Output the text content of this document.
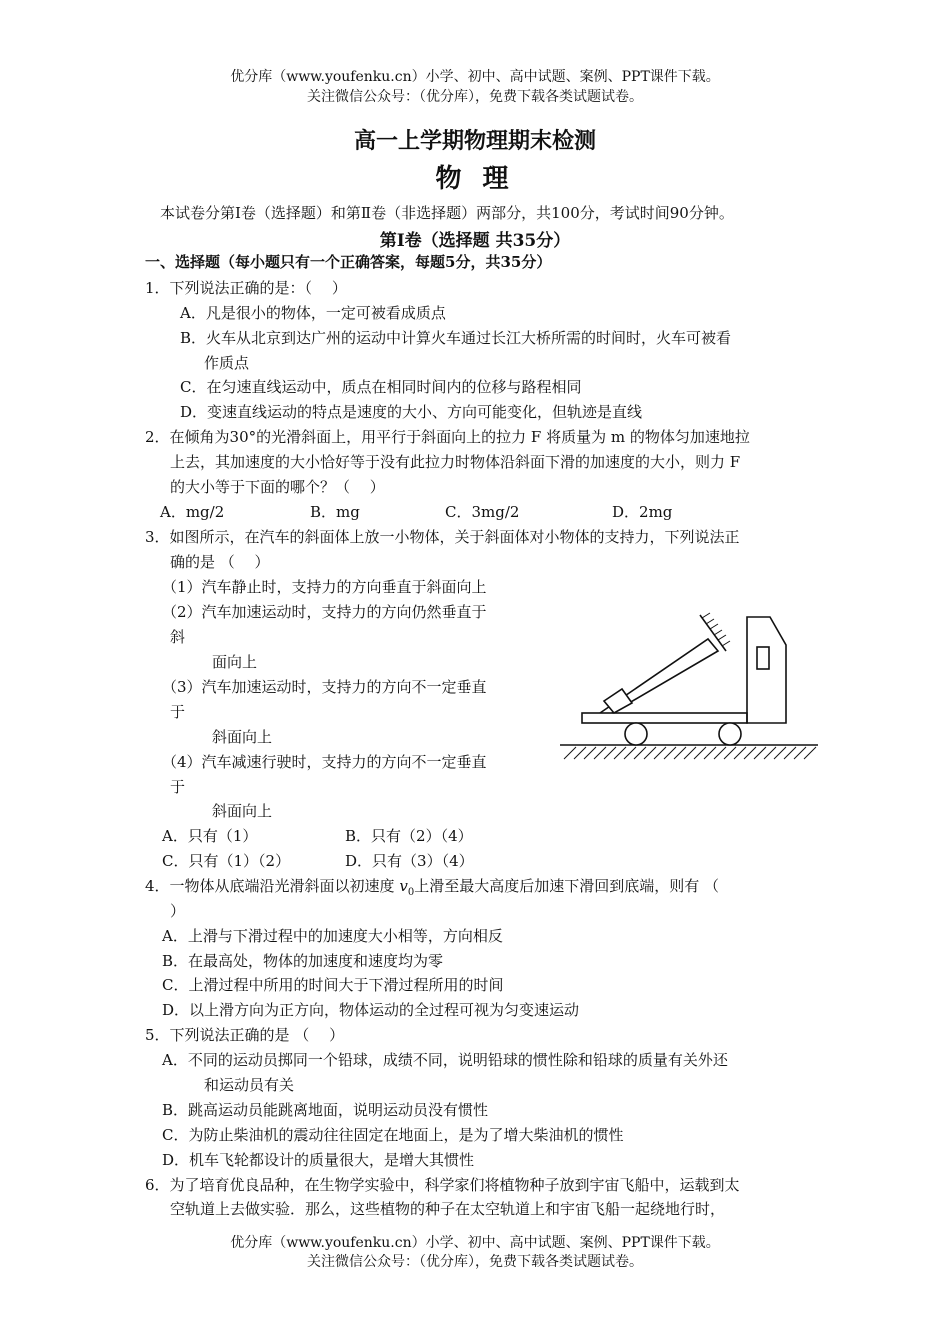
优分库（www.youfenku.cn）小学、初中、高中试题、案例、PPT课件下载。
关注微信公众号：（优分库），免费下载各类试题试卷。
高一上学期物理期末检测
物 理
本试卷分第Ⅰ卷（选择题）和第Ⅱ卷（非选择题）两部分，共100分，考试时间90分钟。
第Ⅰ卷（选择题 共35分）
一、选择题（每小题只有一个正确答案，每题5分，共35分）
1．下列说法正确的是：（　 ）
A．凡是很小的物体，一定可被看成质点
B．火车从北京到达广州的运动中计算火车通过长江大桥所需的时间时，火车可被看
作质点
C．在匀速直线运动中，质点在相同时间内的位移与路程相同
D．变速直线运动的特点是速度的大小、方向可能变化，但轨迹是直线
2．在倾角为30°的光滑斜面上，用平行于斜面向上的拉力 F 将质量为 m 的物体匀加速地拉
上去，其加速度的大小恰好等于没有此拉力时物体沿斜面下滑的加速度的大小，则力 F
的大小等于下面的哪个？（　 ）
A．mg/2	B．mg	C．3mg/2	D．2mg
3．如图所示，在汽车的斜面体上放一小物体，关于斜面体对小物体的支持力，下列说法正
确的是 （　 ）
（1）汽车静止时，支持力的方向垂直于斜面向上
（2）汽车加速运动时，支持力的方向仍然垂直于
斜
面向上
（3）汽车加速运动时，支持力的方向不一定垂直
于
斜面向上
（4）汽车减速行驶时，支持力的方向不一定垂直
于
斜面向上
A．只有（1）	B．只有（2）（4）
C．只有（1）（2）	D．只有（3）（4）
4．一物体从底端沿光滑斜面以初速度 $v_0$上滑至最大高度后加速下滑回到底端，则有 （
）
A．上滑与下滑过程中的加速度大小相等，方向相反
B．在最高处，物体的加速度和速度均为零
C．上滑过程中所用的时间大于下滑过程所用的时间
D．以上滑方向为正方向，物体运动的全过程可视为匀变速运动
5．下列说法正确的是 （　 ）
A．不同的运动员掷同一个铅球，成绩不同，说明铅球的惯性除和铅球的质量有关外还
和运动员有关
B．跳高运动员能跳离地面，说明运动员没有惯性
C．为防止柴油机的震动往往固定在地面上，是为了增大柴油机的惯性
D．机车飞轮都设计的质量很大，是增大其惯性
6．为了培育优良品种，在生物学实验中，科学家们将植物种子放到宇宙飞船中，运载到太
空轨道上去做实验．那么，这些植物的种子在太空轨道上和宇宙飞船一起绕地行时，
优分库（www.youfenku.cn）小学、初中、高中试题、案例、PPT课件下载。
关注微信公众号：（优分库），免费下载各类试题试卷。
